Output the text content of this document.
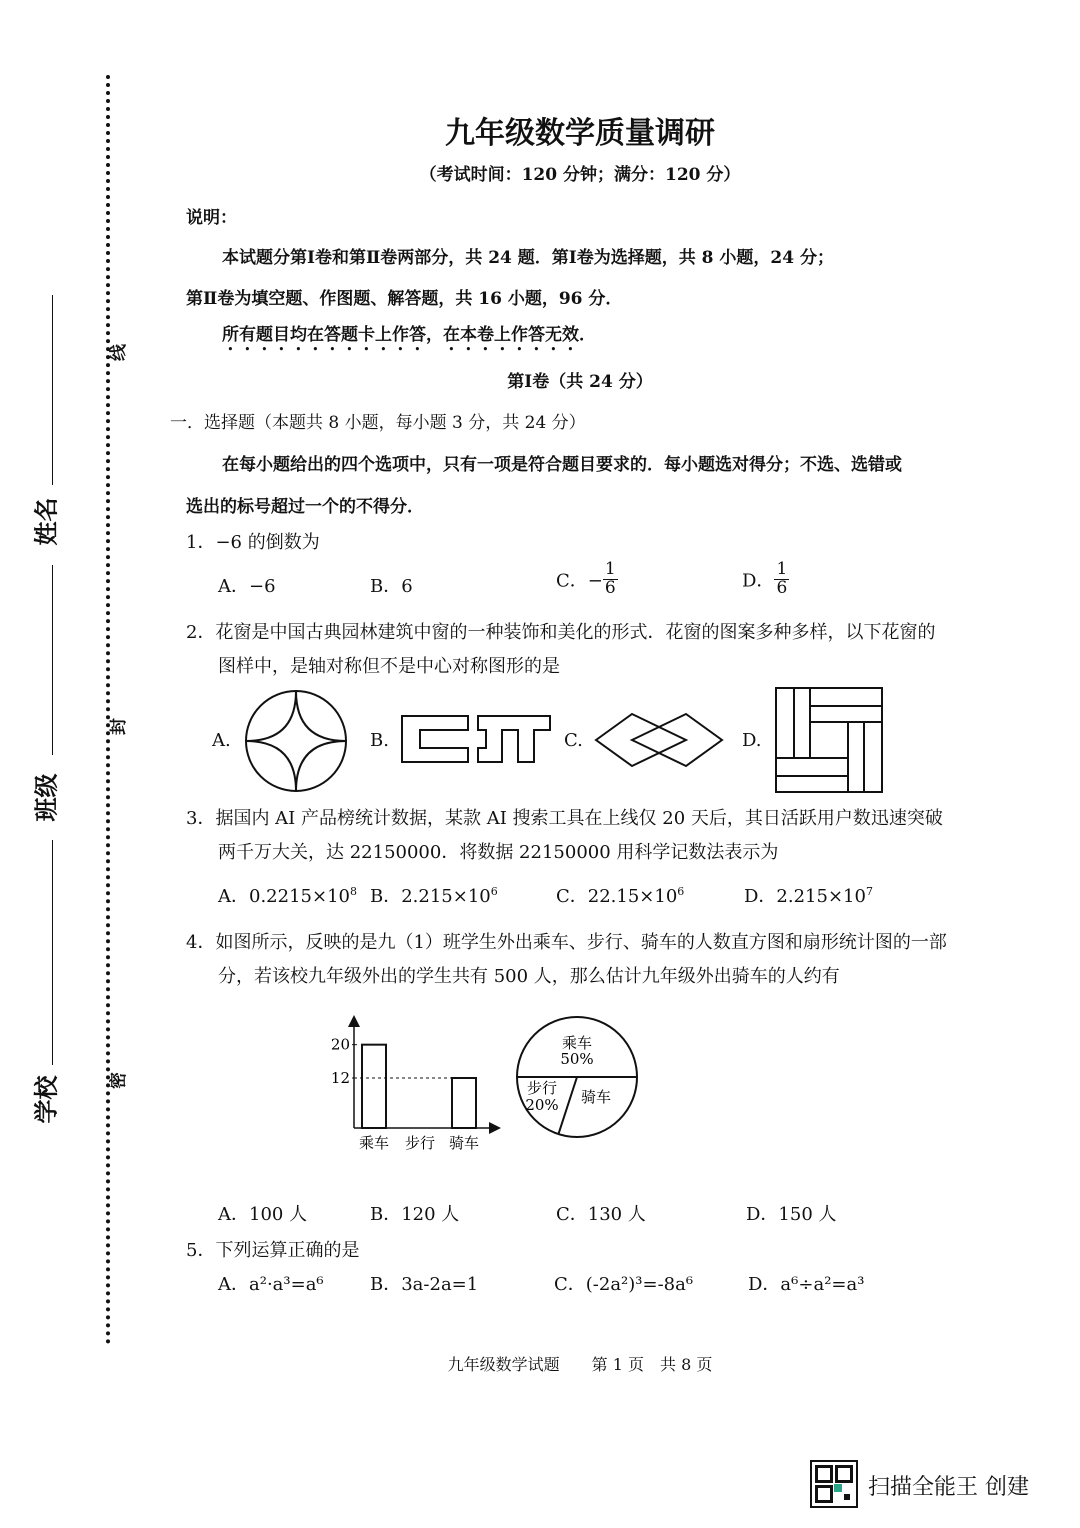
线
封
密
姓名
班级
学校
九年级数学质量调研
（考试时间：120 分钟；满分：120 分）
说明：
本试题分第Ⅰ卷和第Ⅱ卷两部分，共 24 题．第Ⅰ卷为选择题，共 8 小题，24 分；
第Ⅱ卷为填空题、作图题、解答题，共 16 小题，96 分．
所有题目均在答题卡上作答，在本卷上作答无效．
第Ⅰ卷（共 24 分）
一．选择题（本题共 8 小题，每小题 3 分，共 24 分）
在每小题给出的四个选项中，只有一项是符合题目要求的．每小题选对得分；不选、选错或
选出的标号超过一个的不得分．
1．−6 的倒数为
A．−6	B．6	C．− $\frac{1}{6}$	D． $\frac{1}{6}$
2．花窗是中国古典园林建筑中窗的一种装饰和美化的形式．花窗的图案多种多样，以下花窗的
图样中，是轴对称但不是中心对称图形的是
A.	B.	C.	D.
3．据国内 AI 产品榜统计数据，某款 AI 搜索工具在上线仅 20 天后，其日活跃用户数迅速突破
两千万大关，达 22150000．将数据 22150000 用科学记数法表示为
A．$0.2215\times 10^8$ B．$2.215\times 10^6$	C．$22.15\times 10^6$	D．$2.215\times 10^7$
4．如图所示，反映的是九（1）班学生外出乘车、步行、骑车的人数直方图和扇形统计图的一部
分，若该校九年级外出的学生共有 500 人，那么估计九年级外出骑车的人约有
乘车 步行 骑车
12
20	乘车
50%
步行
20% 骑车
A．100 人	B．120 人	C．130 人	D．150 人
5．下列运算正确的是
A．a²·a³=a⁶	B．3a-2a=1	C．(-2a²)³=-8a⁶	D．a⁶÷a²=a³
九年级数学试题　　第 1 页　共 8 页
扫描全能王 创建
